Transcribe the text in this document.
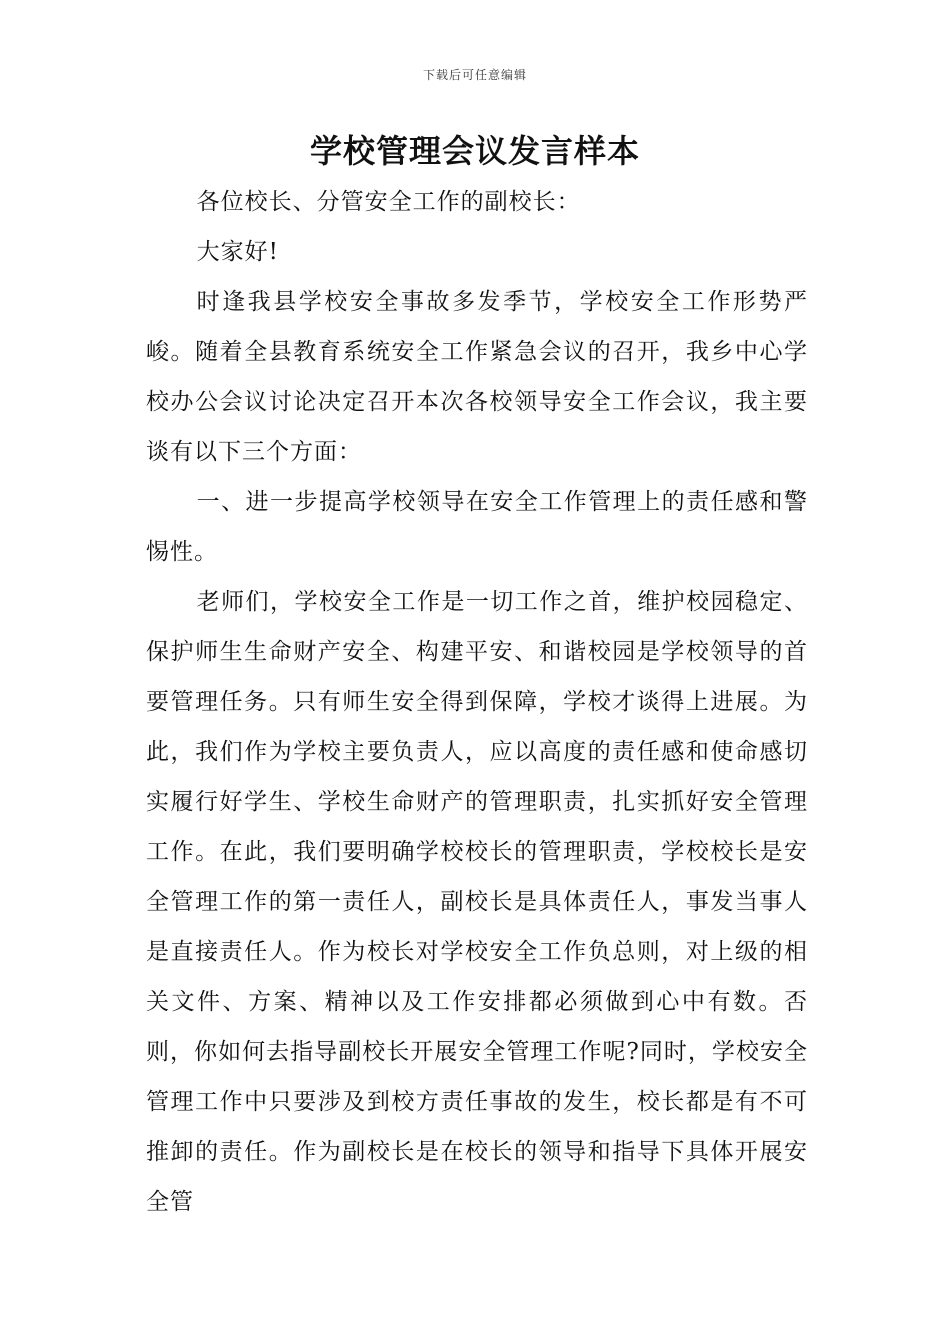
下载后可任意编辑
学校管理会议发言样本

各位校长、分管安全工作的副校长：

大家好!

时逢我县学校安全事故多发季节，学校安全工作形势严峻。随着全县教育系统安全工作紧急会议的召开，我乡中心学校办公会议讨论决定召开本次各校领导安全工作会议，我主要谈有以下三个方面：

一、进一步提高学校领导在安全工作管理上的责任感和警惕性。

老师们，学校安全工作是一切工作之首，维护校园稳定、保护师生生命财产安全、构建平安、和谐校园是学校领导的首要管理任务。只有师生安全得到保障，学校才谈得上进展。为此，我们作为学校主要负责人，应以高度的责任感和使命感切实履行好学生、学校生命财产的管理职责，扎实抓好安全管理工作。在此，我们要明确学校校长的管理职责，学校校长是安全管理工作的第一责任人，副校长是具体责任人，事发当事人是直接责任人。作为校长对学校安全工作负总则，对上级的相关文件、方案、精神以及工作安排都必须做到心中有数。否则，你如何去指导副校长开展安全管理工作呢?同时，学校安全管理工作中只要涉及到校方责任事故的发生，校长都是有不可推卸的责任。作为副校长是在校长的领导和指导下具体开展安全管
